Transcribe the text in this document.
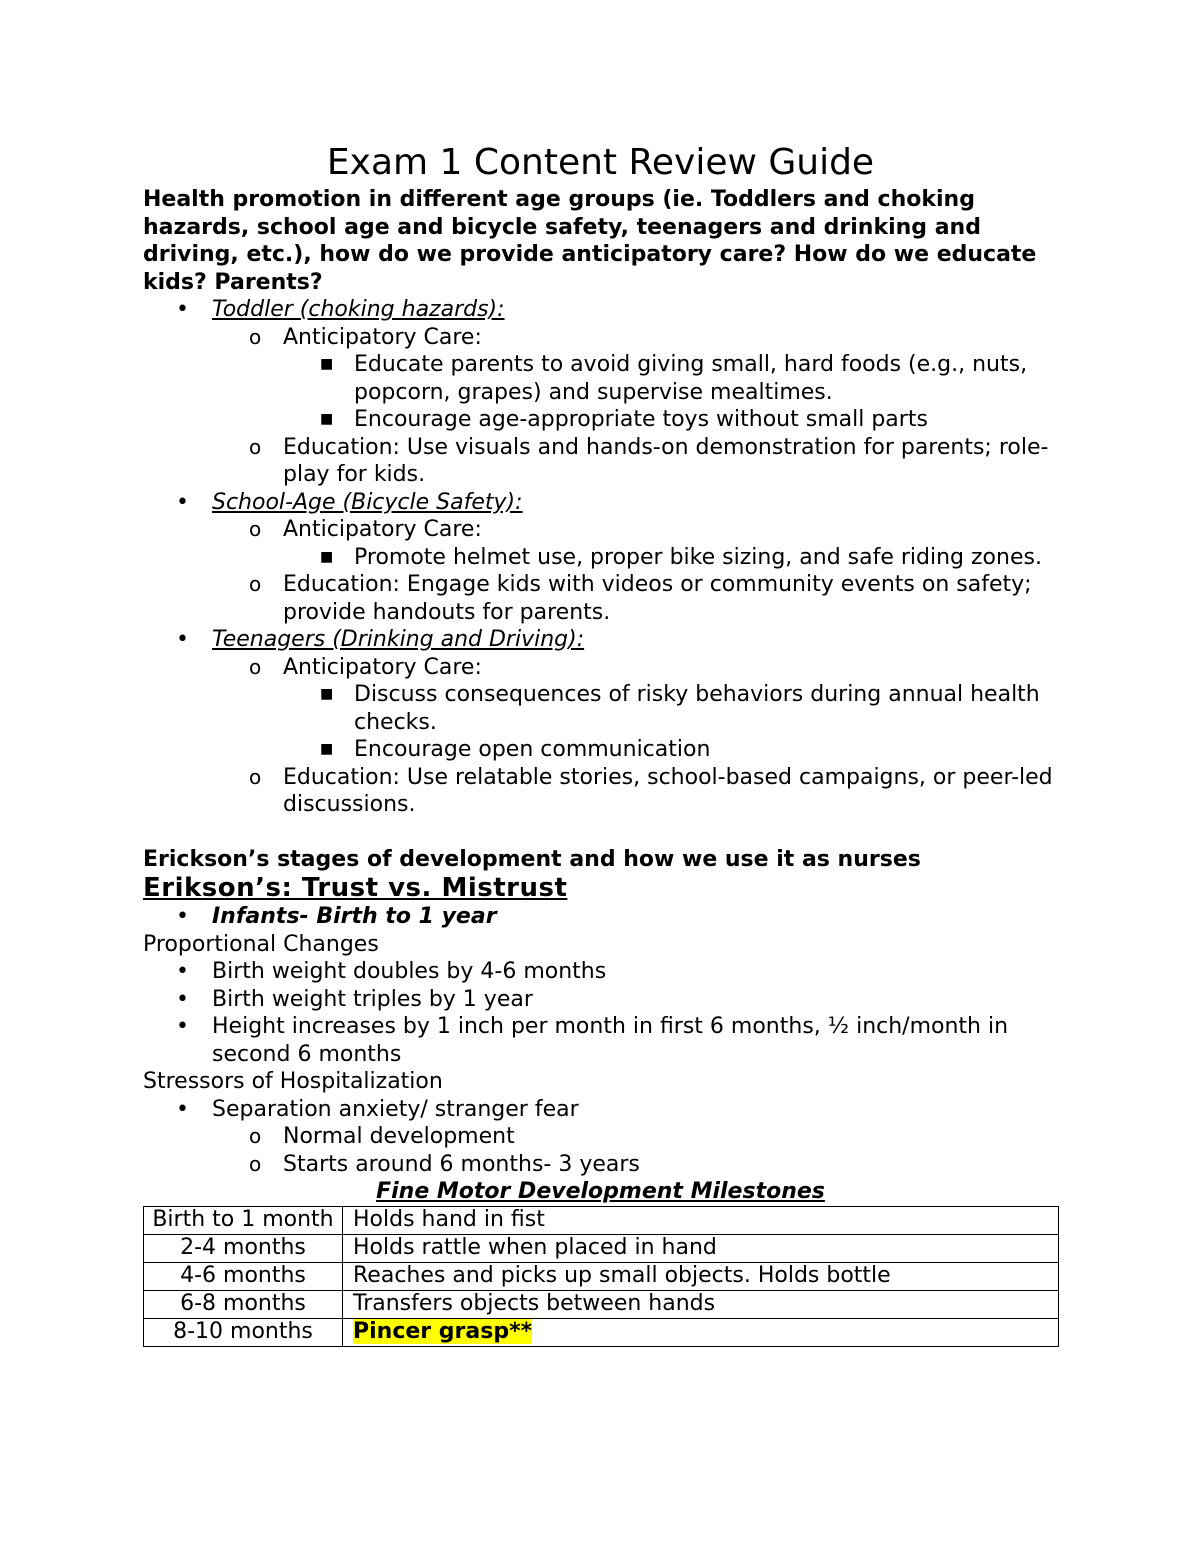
Exam 1 Content Review Guide
Health promotion in different age groups (ie. Toddlers and choking hazards, school age and bicycle safety, teenagers and drinking and driving, etc.), how do we provide anticipatory care? How do we educate kids? Parents?
• Toddler (choking hazards):
o Anticipatory Care:
■ Educate parents to avoid giving small, hard foods (e.g., nuts, popcorn, grapes) and supervise mealtimes.
■ Encourage age-appropriate toys without small parts
o Education: Use visuals and hands-on demonstration for parents; role-play for kids.
• School-Age (Bicycle Safety):
o Anticipatory Care:
■ Promote helmet use, proper bike sizing, and safe riding zones.
o Education: Engage kids with videos or community events on safety; provide handouts for parents.
• Teenagers (Drinking and Driving):
o Anticipatory Care:
■ Discuss consequences of risky behaviors during annual health checks.
■ Encourage open communication
o Education: Use relatable stories, school-based campaigns, or peer-led discussions.
Erickson’s stages of development and how we use it as nurses
Erikson’s: Trust vs. Mistrust
• Infants- Birth to 1 year
Proportional Changes
• Birth weight doubles by 4-6 months
• Birth weight triples by 1 year
• Height increases by 1 inch per month in first 6 months, ½ inch/month in second 6 months
Stressors of Hospitalization
• Separation anxiety/ stranger fear
o Normal development
o Starts around 6 months- 3 years
Fine Motor Development Milestones
Birth to 1 month	Holds hand in fist
2-4 months	Holds rattle when placed in hand
4-6 months	Reaches and picks up small objects. Holds bottle
6-8 months	Transfers objects between hands
8-10 months	Pincer grasp**
